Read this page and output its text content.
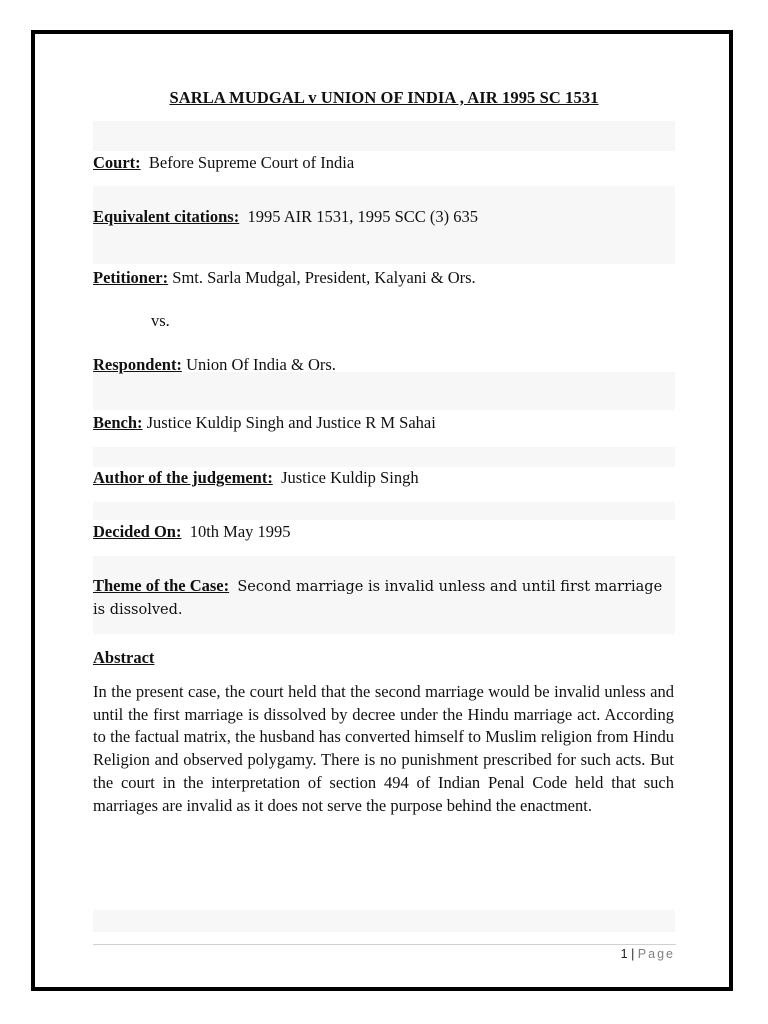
SARLA MUDGAL v UNION OF INDIA , AIR 1995 SC 1531
Court: Before Supreme Court of India
Equivalent citations: 1995 AIR 1531, 1995 SCC (3) 635
Petitioner: Smt. Sarla Mudgal, President, Kalyani & Ors.
vs.
Respondent: Union Of India & Ors.
Bench: Justice Kuldip Singh and Justice R M Sahai
Author of the judgement: Justice Kuldip Singh
Decided On: 10th May 1995
Theme of the Case: Second marriage is invalid unless and until first marriage is dissolved.
Abstract
In the present case, the court held that the second marriage would be invalid unless and until the first marriage is dissolved by decree under the Hindu marriage act. According to the factual matrix, the husband has converted himself to Muslim religion from Hindu Religion and observed polygamy. There is no punishment prescribed for such acts. But the court in the interpretation of section 494 of Indian Penal Code held that such marriages are invalid as it does not serve the purpose behind the enactment.
1 | Page
